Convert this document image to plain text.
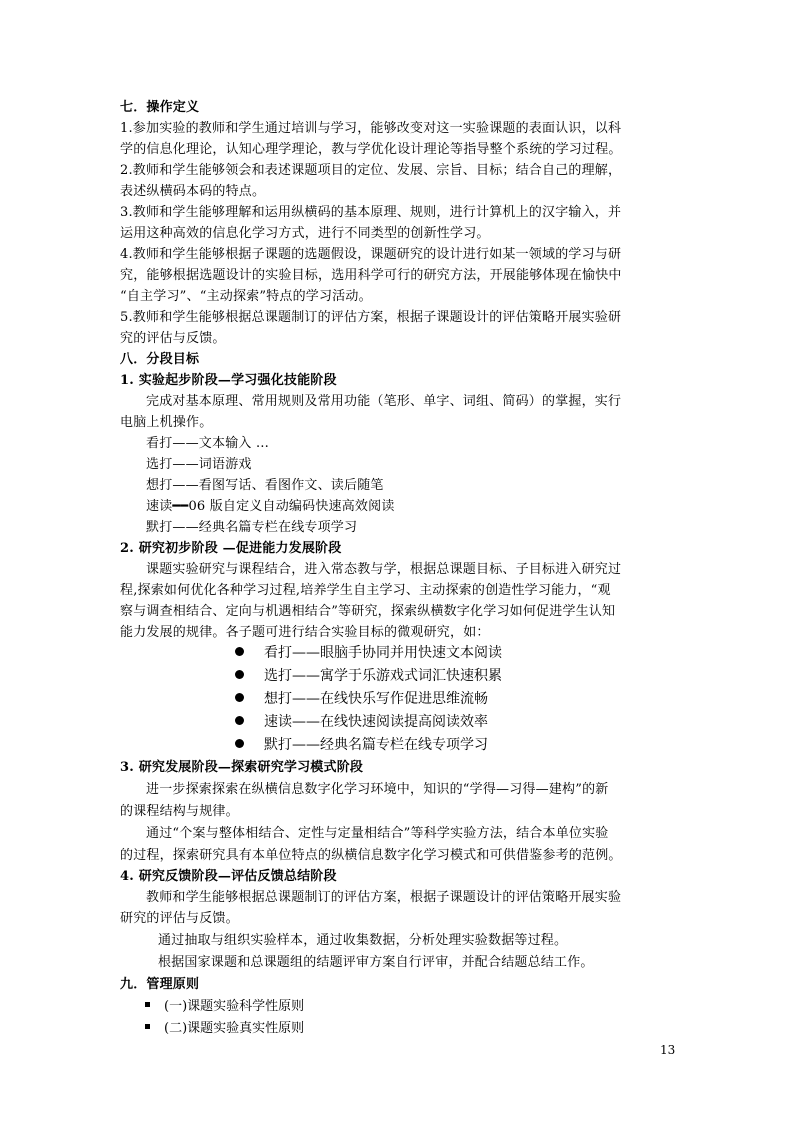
七．操作定义
1.参加实验的教师和学生通过培训与学习，能够改变对这一实验课题的表面认识，以科
学的信息化理论，认知心理学理论，教与学优化设计理论等指导整个系统的学习过程。
2.教师和学生能够领会和表述课题项目的定位、发展、宗旨、目标；结合自己的理解，
表述纵横码本码的特点。
3.教师和学生能够理解和运用纵横码的基本原理、规则，进行计算机上的汉字输入，并
运用这种高效的信息化学习方式，进行不同类型的创新性学习。
4.教师和学生能够根据子课题的选题假设，课题研究的设计进行如某一领域的学习与研
究，能够根据选题设计的实验目标，选用科学可行的研究方法，开展能够体现在愉快中
“自主学习”、“主动探索”特点的学习活动。
5.教师和学生能够根据总课题制订的评估方案，根据子课题设计的评估策略开展实验研
究的评估与反馈。
八．分段目标
1. 实验起步阶段—学习强化技能阶段
完成对基本原理、常用规则及常用功能（笔形、单字、词组、简码）的掌握，实行
电脑上机操作。
看打——文本输入 …
选打——词语游戏
想打——看图写话、看图作文、读后随笔
速读━━06 版自定义自动编码快速高效阅读
默打——经典名篇专栏在线专项学习
2. 研究初步阶段 —促进能力发展阶段
课题实验研究与课程结合，进入常态教与学，根据总课题目标、子目标进入研究过
程,探索如何优化各种学习过程,培养学生自主学习、主动探索的创造性学习能力，“观
察与调查相结合、定向与机遇相结合”等研究，探索纵横数字化学习如何促进学生认知
能力发展的规律。各子题可进行结合实验目标的微观研究，如：
看打——眼脑手协同并用快速文本阅读
选打——寓学于乐游戏式词汇快速积累
想打——在线快乐写作促进思维流畅
速读——在线快速阅读提高阅读效率
默打——经典名篇专栏在线专项学习
3. 研究发展阶段—探索研究学习模式阶段
进一步探索探索在纵横信息数字化学习环境中，知识的“学得—习得—建构”的新
的课程结构与规律。
通过“个案与整体相结合、定性与定量相结合”等科学实验方法，结合本单位实验
的过程，探索研究具有本单位特点的纵横信息数字化学习模式和可供借鉴参考的范例。
4. 研究反馈阶段—评估反馈总结阶段
教师和学生能够根据总课题制订的评估方案，根据子课题设计的评估策略开展实验
研究的评估与反馈。
通过抽取与组织实验样本，通过收集数据，分析处理实验数据等过程。
根据国家课题和总课题组的结题评审方案自行评审，并配合结题总结工作。
九．管理原则
(一)课题实验科学性原则
(二)课题实验真实性原则
13
